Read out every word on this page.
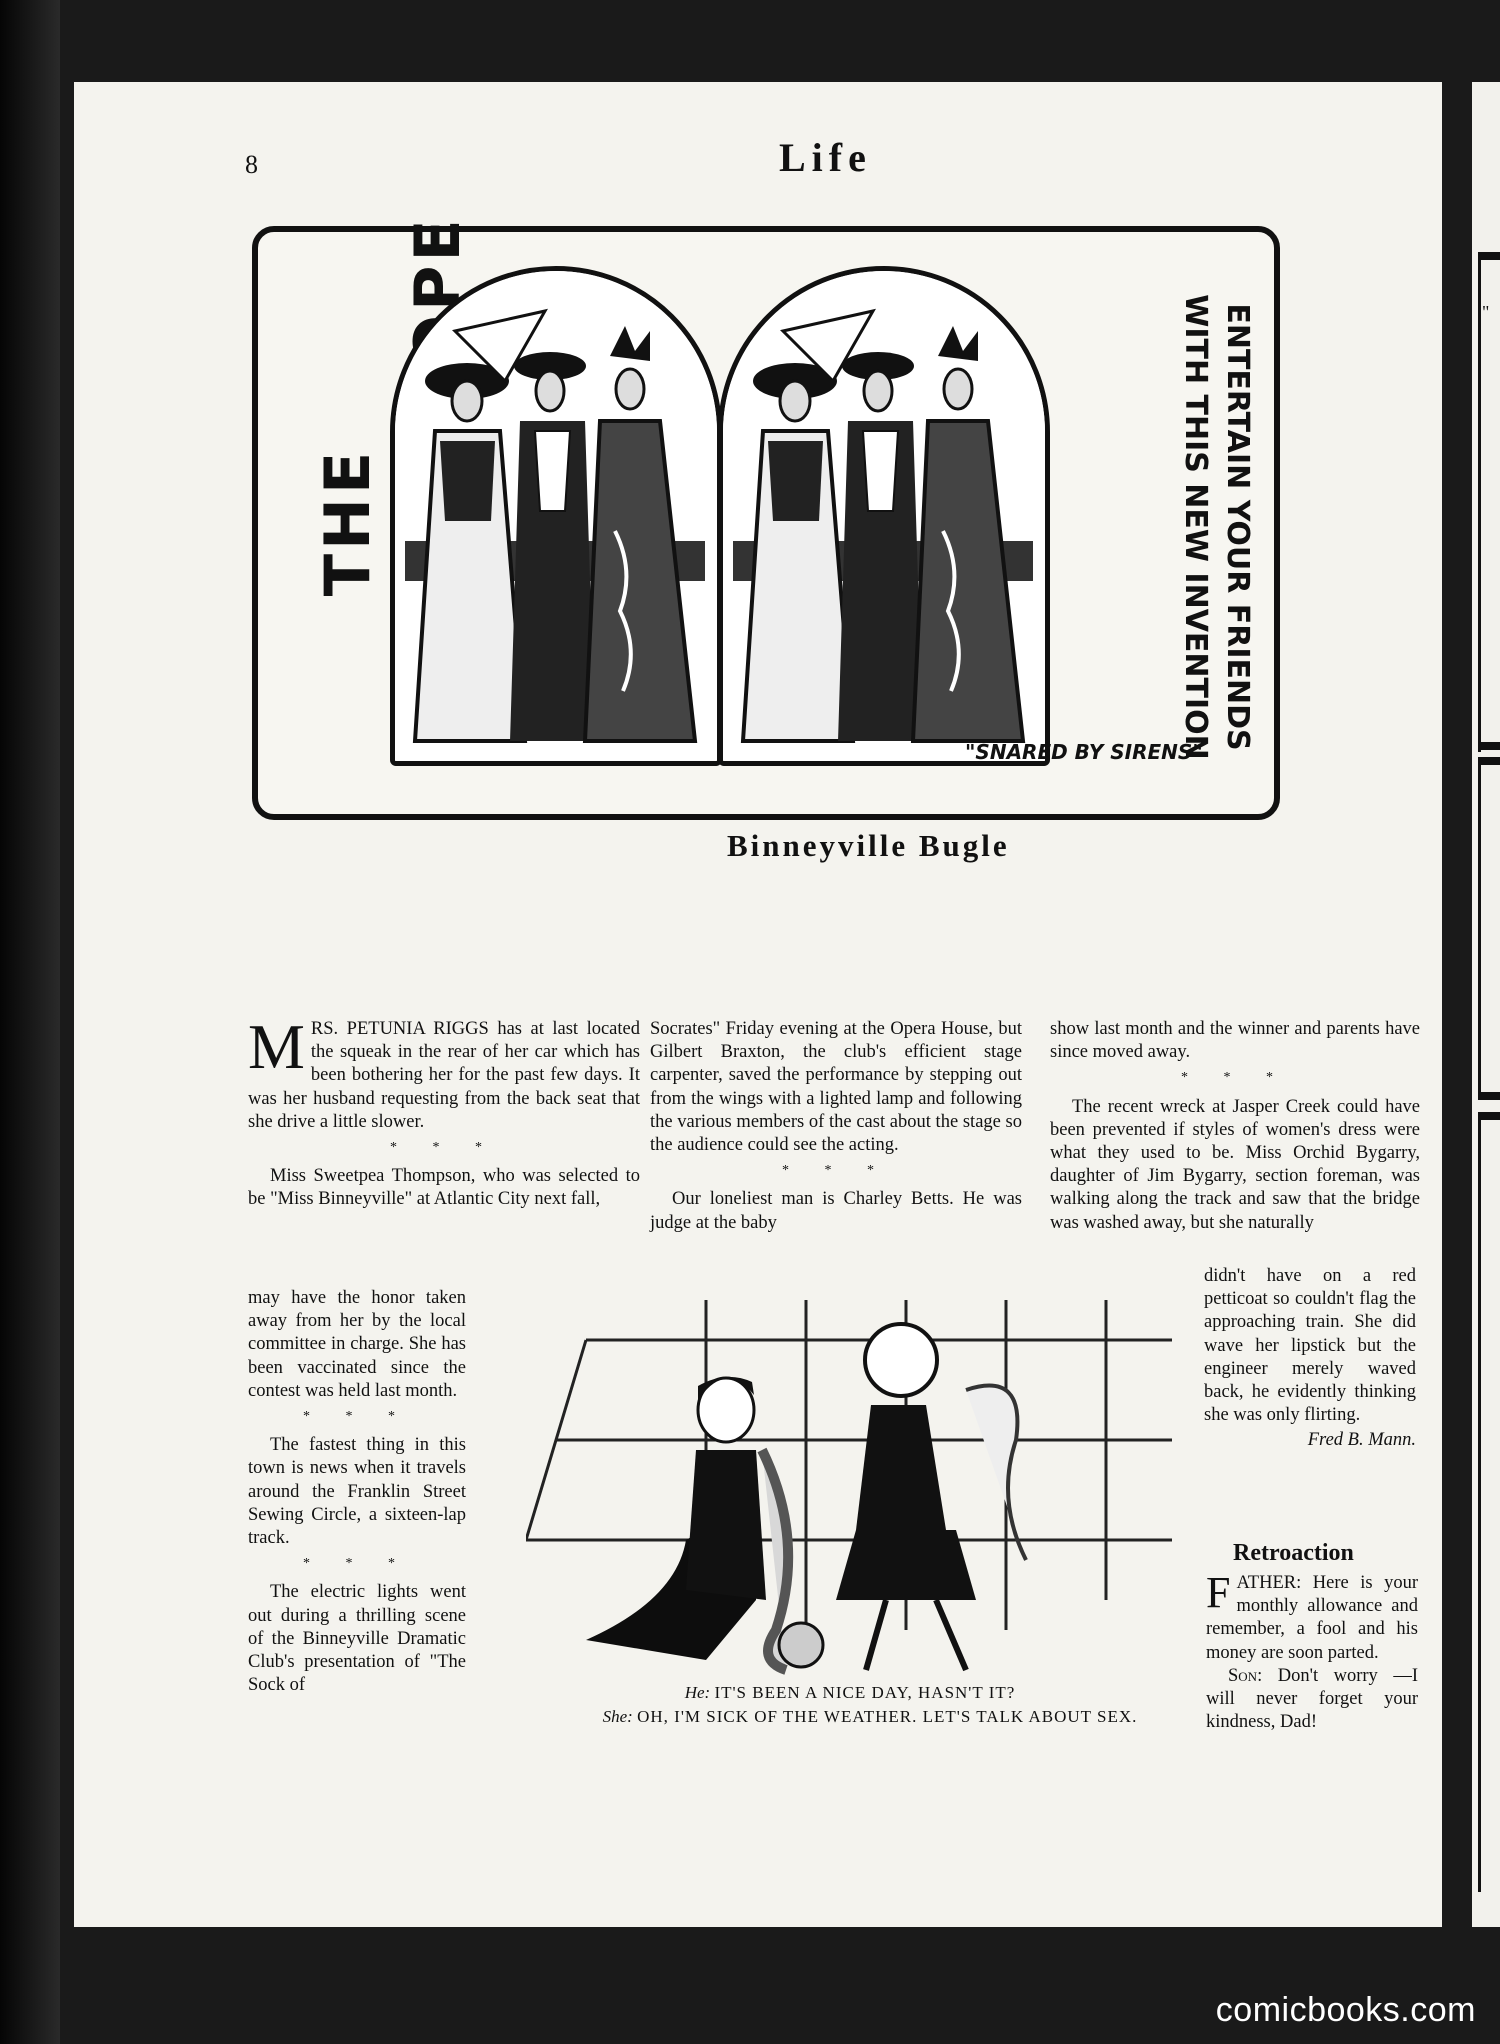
"
8	Life
THE	ENTERTAIN YOUR FRIENDS WITH THIS NEW INVENTION
"SNARED BY SIRENS"
Binneyville Bugle

MRS. PETUNIA RIGGS has at last located the squeak in the rear of her car which has been bothering her for the past few days. It was her husband requesting from the back seat that she drive a little slower.

* * *

Miss Sweetpea Thompson, who was selected to be "Miss Binneyville" at Atlantic City next fall,

may have the honor taken away from her by the local committee in charge. She has been vaccinated since the contest was held last month.

* * *

The fastest thing in this town is news when it travels around the Franklin Street Sewing Circle, a sixteen-lap track.

* * *

The electric lights went out during a thrilling scene of the Binneyville Dramatic Club's presentation of "The Sock of

Socrates" Friday evening at the Opera House, but Gilbert Braxton, the club's efficient stage carpenter, saved the performance by stepping out from the wings with a lighted lamp and following the various members of the cast about the stage so the audience could see the acting.

* * *

Our loneliest man is Charley Betts. He was judge at the baby

show last month and the winner and parents have since moved away.

* * *

The recent wreck at Jasper Creek could have been prevented if styles of women's dress were what they used to be. Miss Orchid Bygarry, daughter of Jim Bygarry, section foreman, was walking along the track and saw that the bridge was washed away, but she naturally

didn't have on a red petticoat so couldn't flag the approaching train. She did wave her lipstick but the engineer merely waved back, he evidently thinking she was only flirting.

Fred B. Mann.
He: IT'S BEEN A NICE DAY, HASN'T IT?
She: OH, I'M SICK OF THE WEATHER. LET'S TALK ABOUT SEX.
Retroaction

FATHER: Here is your monthly allowance and remember, a fool and his money are soon parted.

Son: Don't worry —I will never forget your kindness, Dad!

comicbooks.com
